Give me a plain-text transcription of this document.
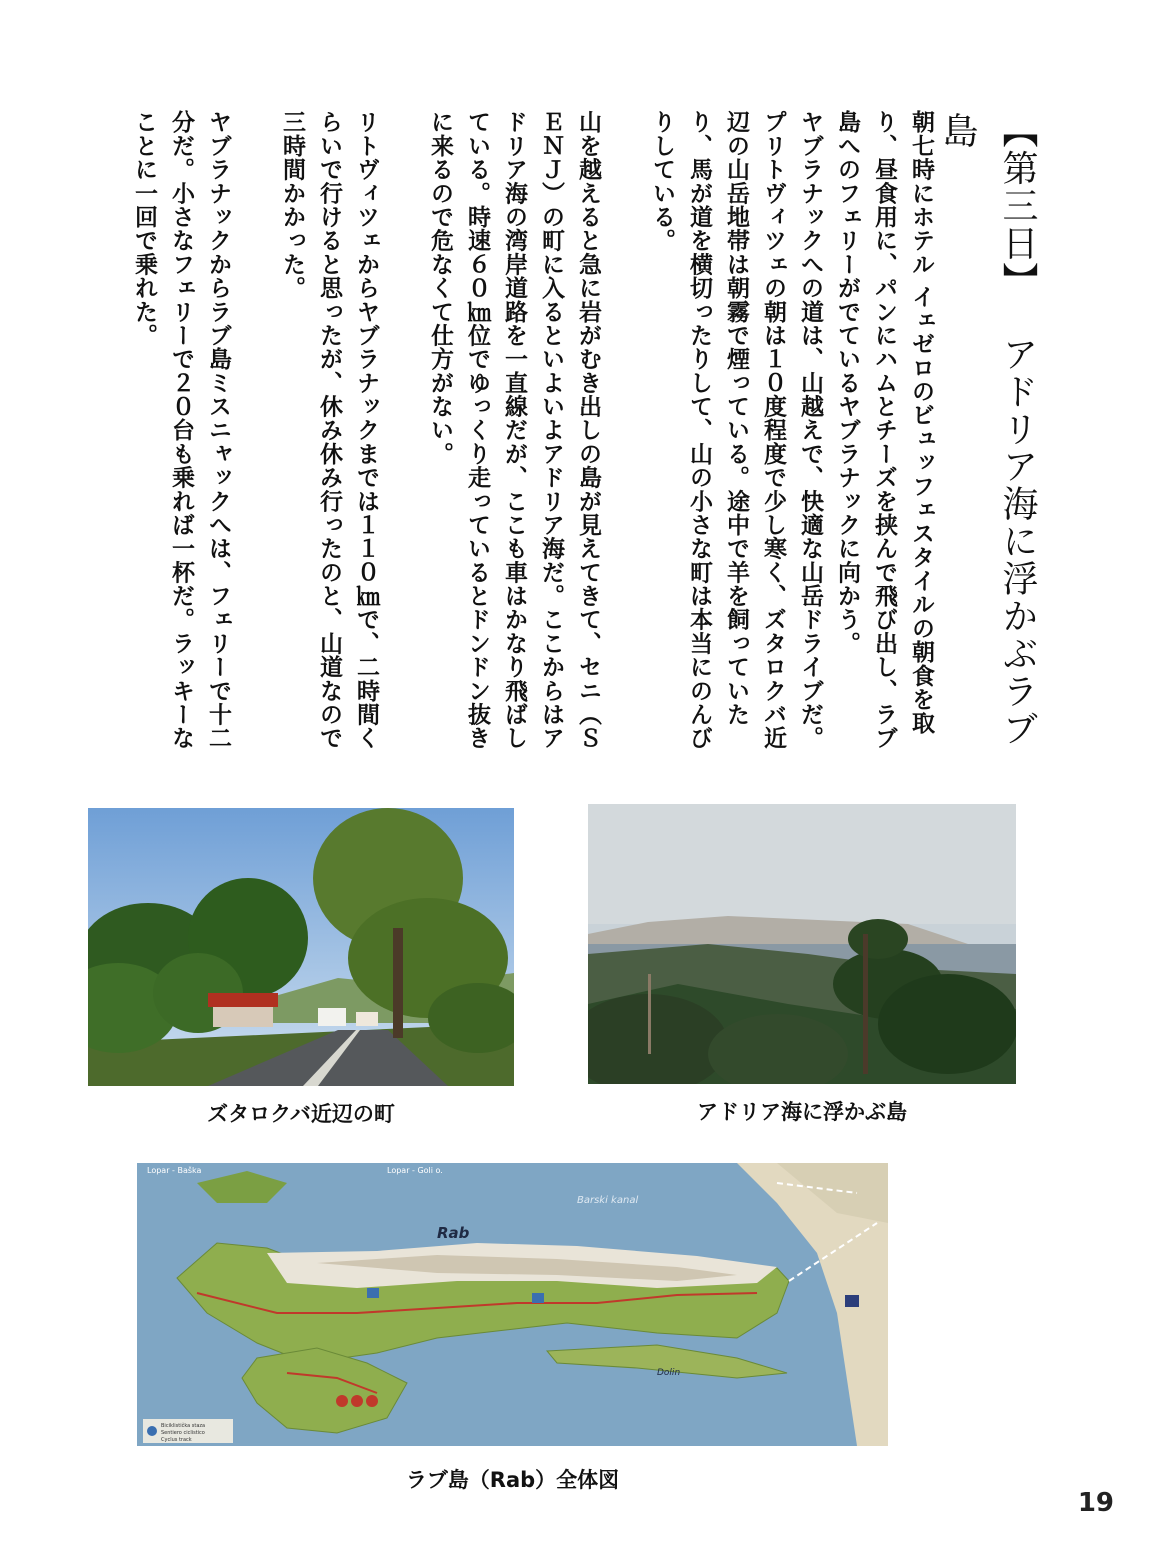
【第三日】アドリア海に浮かぶラブ島

朝七時にホテル イェゼロのビュッフェスタイルの朝食を取り、昼食用に、パンにハムとチーズを挟んで飛び出し、ラブ島へのフェリーがでているヤブラナックに向かう。

ヤブラナックへの道は、山越えで、快適な山岳ドライブだ。プリトヴィツェの朝は１０度程度で少し寒く、ズタロクバ近辺の山岳地帯は朝霧で煙っている。途中で羊を飼っていたり、馬が道を横切ったりして、山の小さな町は本当にのんびりしている。

山を越えると急に岩がむき出しの島が見えてきて、セニ（ＳＥＮＪ）の町に入るといよいよアドリア海だ。ここからはアドリア海の湾岸道路を一直線だが、ここも車はかなり飛ばしている。時速６０㎞位でゆっくり走っているとドンドン抜きに来るので危なくて仕方がない。

リトヴィツェからヤブラナックまでは１１０㎞で、二時間くらいで行けると思ったが、休み休み行ったのと、山道なので　三時間かかった。

ヤブラナックからラブ島ミスニャックへは、フェリーで十二分だ。小さなフェリーで２０台も乗れば一杯だ。ラッキーなことに一回で乗れた。

ズタロクバ近辺の町	アドリア海に浮かぶ島
Rab
Lopar - Baška	Lopar - Goli o.
Dolin
Barski kanal
Biciklistička staza
Sentiero ciclistico
Cyclus track
ラブ島（Rab）全体図
19
